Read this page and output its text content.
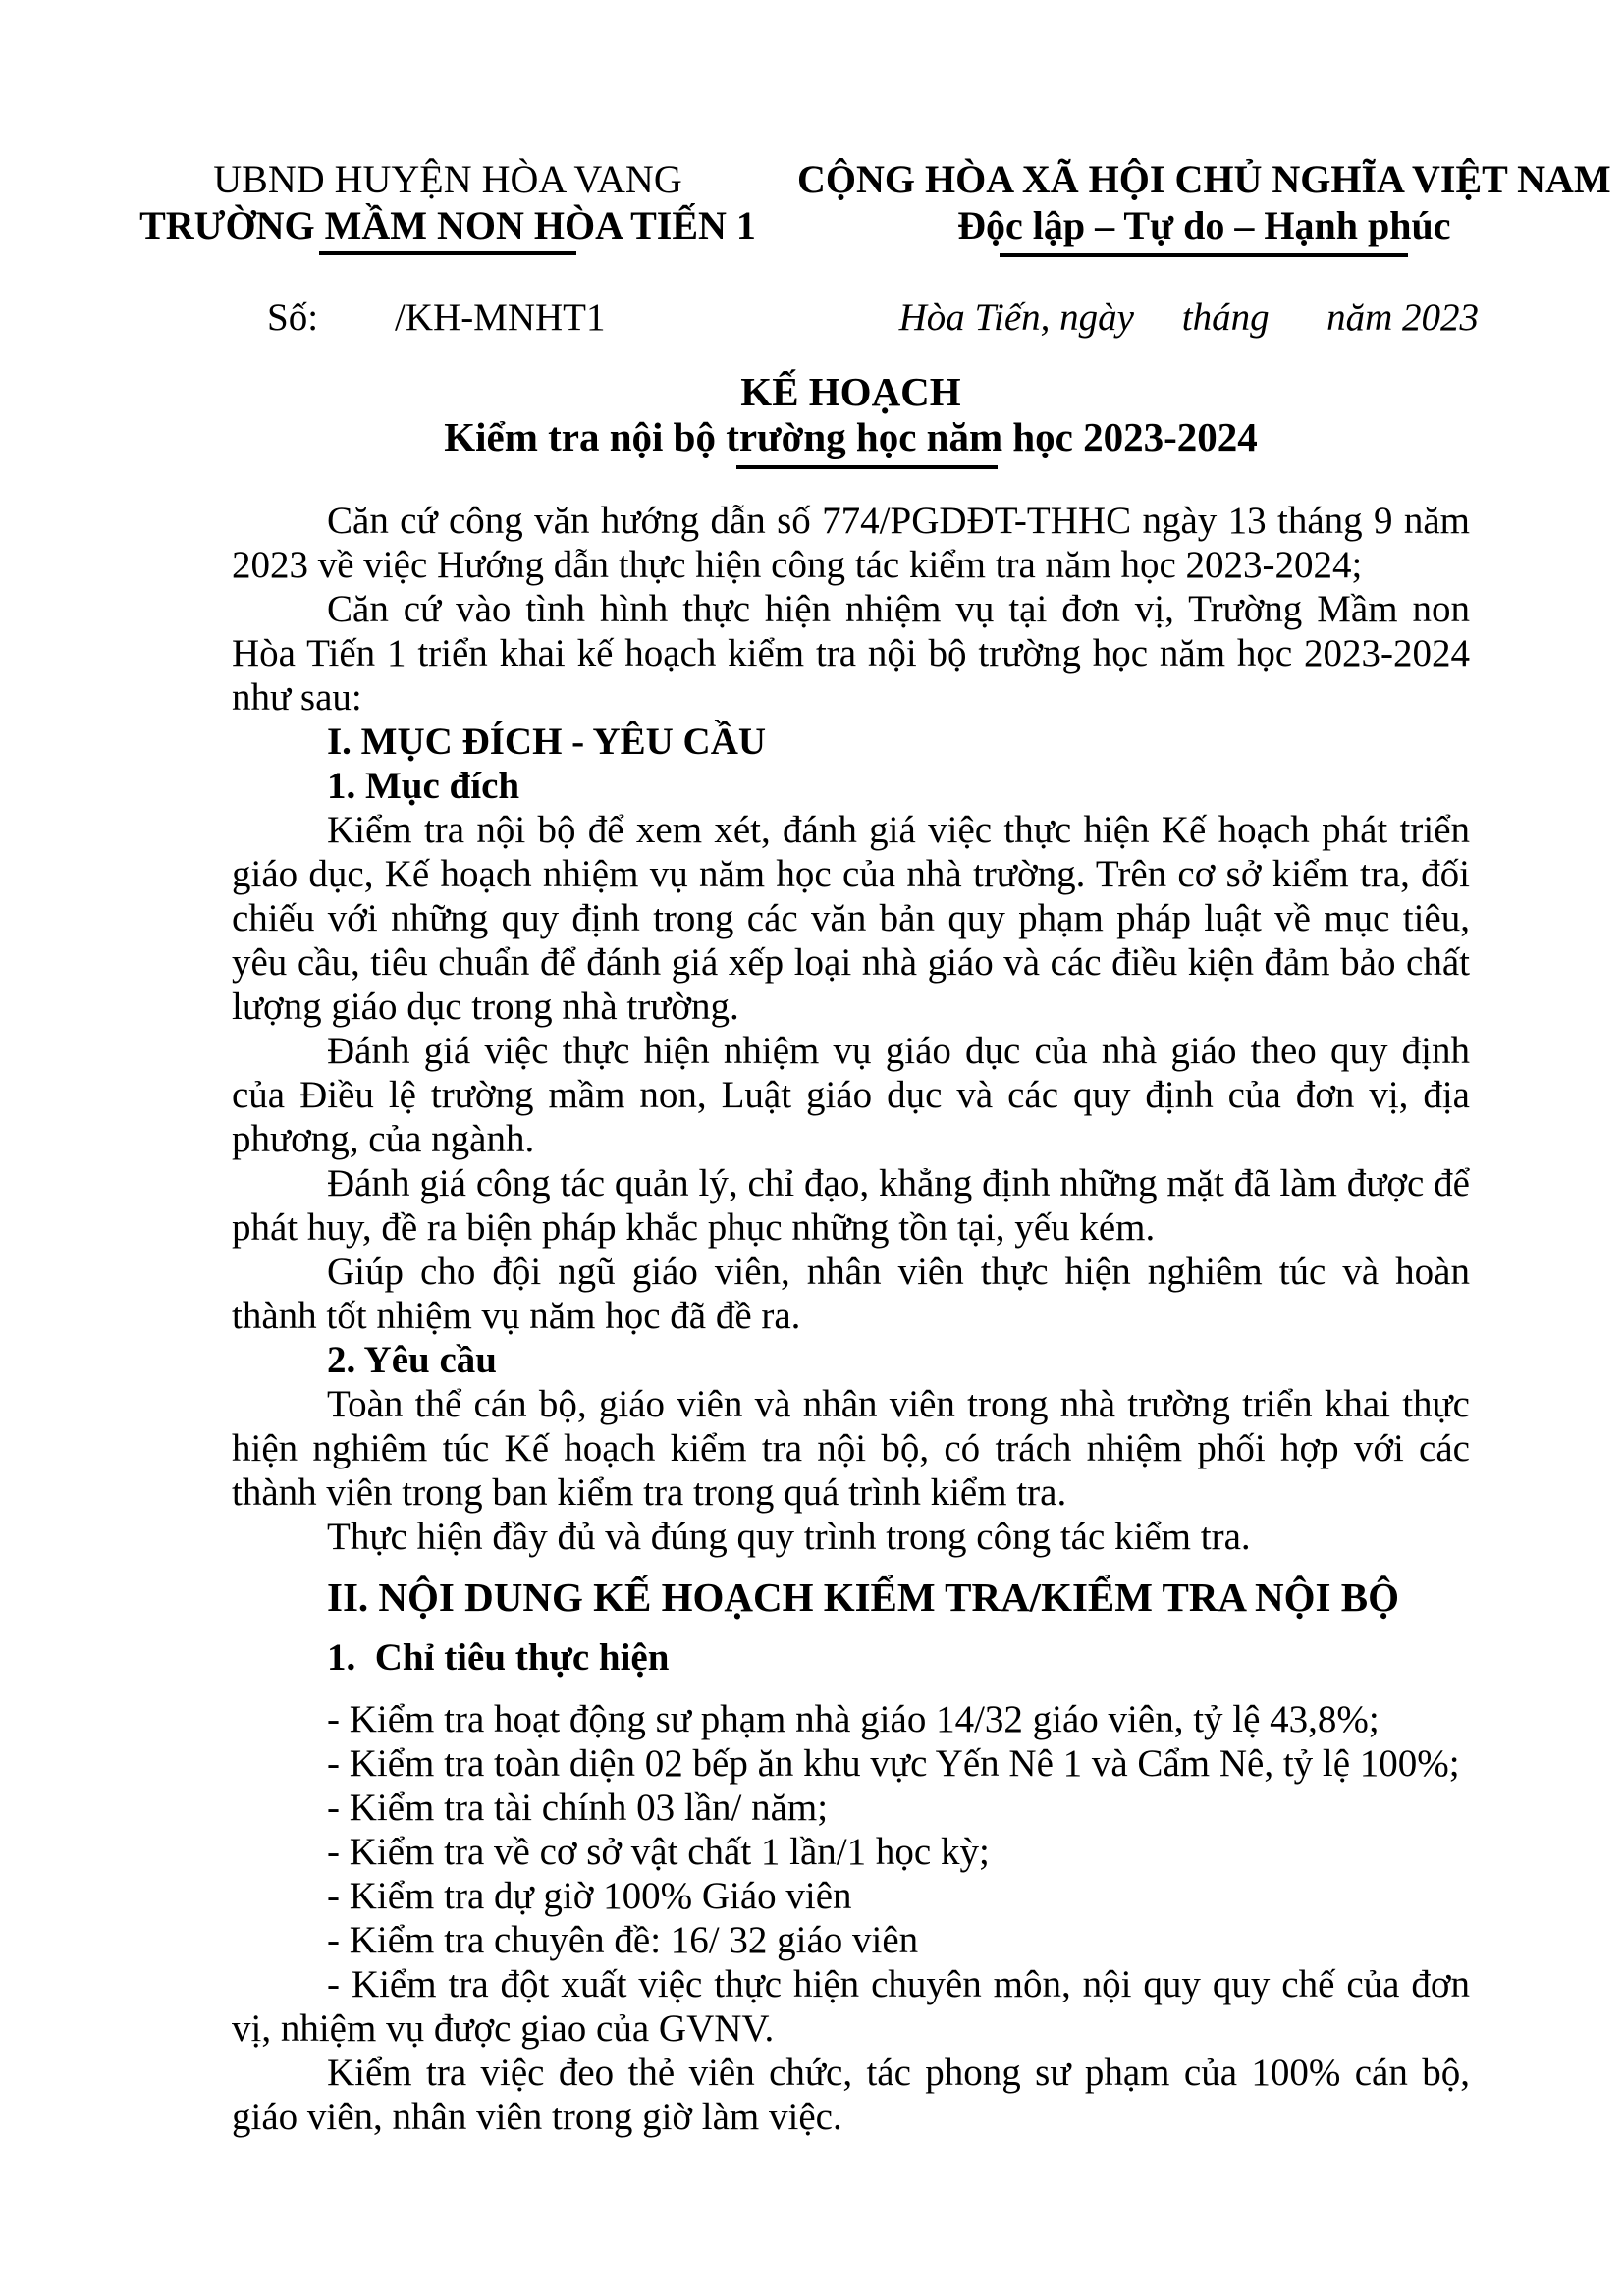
UBND HUYỆN HÒA VANG
TRƯỜNG MẦM NON HÒA TIẾN 1
CỘNG HÒA XÃ HỘI CHỦ NGHĨA VIỆT NAM
Độc lập – Tự do – Hạnh phúc
Số:        /KH-MNHT1	Hòa Tiến, ngày     tháng      năm 2023
KẾ HOẠCH
Kiểm tra nội bộ trường học năm học 2023-2024

Căn cứ công văn hướng dẫn số 774/PGDĐT-THHC ngày 13 tháng 9 năm 2023 về việc Hướng dẫn thực hiện công tác kiểm tra năm học 2023-2024;

Căn cứ vào tình hình thực hiện nhiệm vụ tại đơn vị, Trường Mầm non Hòa Tiến 1 triển khai kế hoạch kiểm tra nội bộ trường học năm học 2023-2024 như sau:

I. MỤC ĐÍCH - YÊU CẦU
1. Mục đích

Kiểm tra nội bộ để xem xét, đánh giá việc thực hiện Kế hoạch phát triển giáo dục, Kế hoạch nhiệm vụ năm học của nhà trường. Trên cơ sở kiểm tra, đối chiếu với những quy định trong các văn bản quy phạm pháp luật về mục tiêu, yêu cầu, tiêu chuẩn để đánh giá xếp loại nhà giáo và các điều kiện đảm bảo chất lượng giáo dục trong nhà trường.

Đánh giá việc thực hiện nhiệm vụ giáo dục của nhà giáo theo quy định của Điều lệ trường mầm non, Luật giáo dục và các quy định của đơn vị, địa phương, của ngành.

Đánh giá công tác quản lý, chỉ đạo, khẳng định những mặt đã làm được để phát huy, đề ra biện pháp khắc phục những tồn tại, yếu kém.

Giúp cho đội ngũ giáo viên, nhân viên thực hiện nghiêm túc và hoàn thành tốt nhiệm vụ năm học đã đề ra.

2. Yêu cầu

Toàn thể cán bộ, giáo viên và nhân viên trong nhà trường triển khai thực hiện nghiêm túc Kế hoạch kiểm tra nội bộ, có trách nhiệm phối hợp với các thành viên trong ban kiểm tra trong quá trình kiểm tra.

Thực hiện đầy đủ và đúng quy trình trong công tác kiểm tra.

II. NỘI DUNG KẾ HOẠCH KIỂM TRA/KIỂM TRA NỘI BỘ
1.  Chỉ tiêu thực hiện

- Kiểm tra hoạt động sư phạm nhà giáo 14/32 giáo viên, tỷ lệ 43,8%;

- Kiểm tra toàn diện 02 bếp ăn khu vực Yến Nê 1 và Cẩm Nê, tỷ lệ 100%;

- Kiểm tra tài chính 03 lần/ năm;

- Kiểm tra về cơ sở vật chất 1 lần/1 học kỳ;

- Kiểm tra dự giờ 100% Giáo viên

- Kiểm tra chuyên đề: 16/ 32 giáo viên

- Kiểm tra đột xuất việc thực hiện chuyên môn, nội quy quy chế của đơn vị, nhiệm vụ được giao của GVNV.

Kiểm tra việc đeo thẻ viên chức, tác phong sư phạm của 100% cán bộ, giáo viên, nhân viên trong giờ làm việc.
